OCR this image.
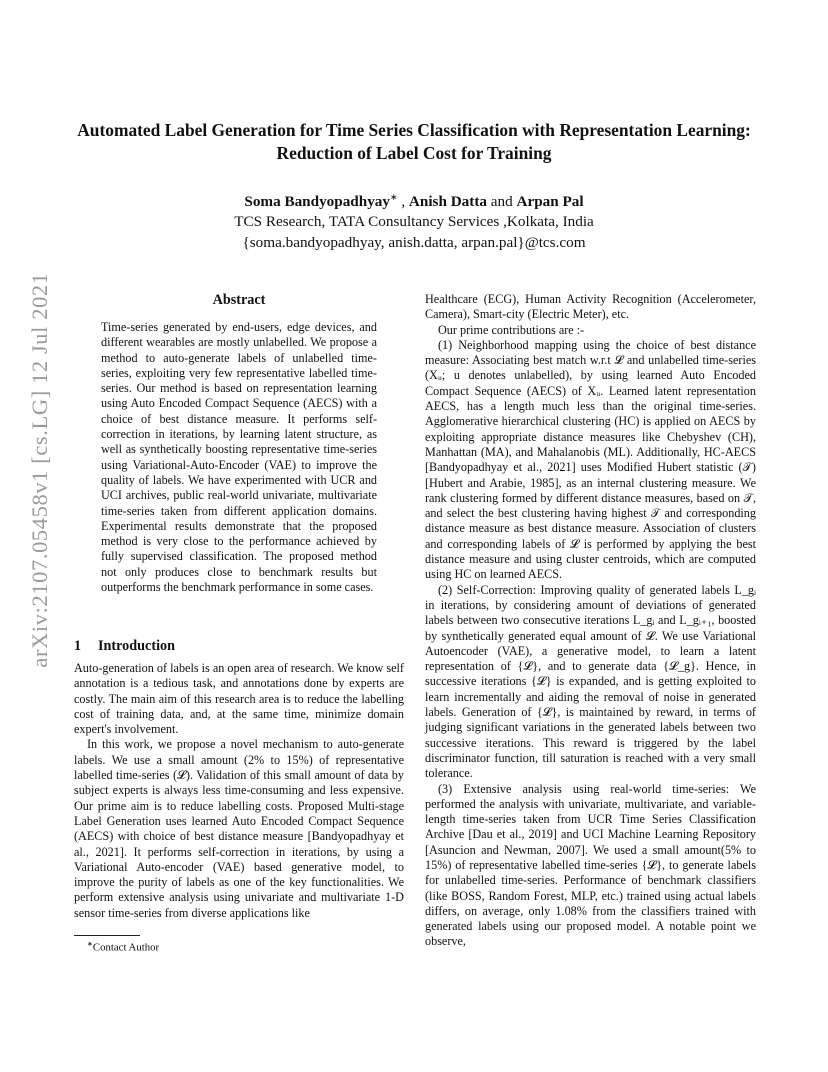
arXiv:2107.05458v1 [cs.LG] 12 Jul 2021
Automated Label Generation for Time Series Classification with Representation Learning: Reduction of Label Cost for Training
Soma Bandyopadhyay∗ , Anish Datta and Arpan Pal
TCS Research, TATA Consultancy Services ,Kolkata, India
{soma.bandyopadhyay, anish.datta, arpan.pal}@tcs.com
Abstract
Time-series generated by end-users, edge devices, and different wearables are mostly unlabelled. We propose a method to auto-generate labels of unlabelled time-series, exploiting very few representative labelled time-series. Our method is based on representation learning using Auto Encoded Compact Sequence (AECS) with a choice of best distance measure. It performs self-correction in iterations, by learning latent structure, as well as synthetically boosting representative time-series using Variational-Auto-Encoder (VAE) to improve the quality of labels. We have experimented with UCR and UCI archives, public real-world univariate, multivariate time-series taken from different application domains. Experimental results demonstrate that the proposed method is very close to the performance achieved by fully supervised classification. The proposed method not only produces close to benchmark results but outperforms the benchmark performance in some cases.
1 Introduction

Auto-generation of labels is an open area of research. We know self annotation is a tedious task, and annotations done by experts are costly. The main aim of this research area is to reduce the labelling cost of training data, and, at the same time, minimize domain expert's involvement.

In this work, we propose a novel mechanism to auto-generate labels. We use a small amount (2% to 15%) of representative labelled time-series (𝓛). Validation of this small amount of data by subject experts is always less time-consuming and less expensive. Our prime aim is to reduce labelling costs. Proposed Multi-stage Label Generation uses learned Auto Encoded Compact Sequence (AECS) with choice of best distance measure [Bandyopadhyay et al., 2021]. It performs self-correction in iterations, by using a Variational Auto-encoder (VAE) based generative model, to improve the purity of labels as one of the key functionalities. We perform extensive analysis using univariate and multivariate 1-D sensor time-series from diverse applications like

∗Contact Author

Healthcare (ECG), Human Activity Recognition (Accelerometer, Camera), Smart-city (Electric Meter), etc.

Our prime contributions are :-

(1) Neighborhood mapping using the choice of best distance measure: Associating best match w.r.t 𝓛 and unlabelled time-series (Xᵤ; u denotes unlabelled), by using learned Auto Encoded Compact Sequence (AECS) of Xᵤ. Learned latent representation AECS, has a length much less than the original time-series. Agglomerative hierarchical clustering (HC) is applied on AECS by exploiting appropriate distance measures like Chebyshev (CH), Manhattan (MA), and Mahalanobis (ML). Additionally, HC-AECS [Bandyopadhyay et al., 2021] uses Modified Hubert statistic (𝒯) [Hubert and Arabie, 1985], as an internal clustering measure. We rank clustering formed by different distance measures, based on 𝒯, and select the best clustering having highest 𝒯 and corresponding distance measure as best distance measure. Association of clusters and corresponding labels of 𝓛 is performed by applying the best distance measure and using cluster centroids, which are computed using HC on learned AECS.

(2) Self-Correction: Improving quality of generated labels L_gᵢ in iterations, by considering amount of deviations of generated labels between two consecutive iterations L_gᵢ and L_gᵢ₊₁, boosted by synthetically generated equal amount of 𝓛. We use Variational Autoencoder (VAE), a generative model, to learn a latent representation of {𝓛}, and to generate data {𝓛_g}. Hence, in successive iterations {𝓛} is expanded, and is getting exploited to learn incrementally and aiding the removal of noise in generated labels. Generation of {𝓛}, is maintained by reward, in terms of judging significant variations in the generated labels between two successive iterations. This reward is triggered by the label discriminator function, till saturation is reached with a very small tolerance.

(3) Extensive analysis using real-world time-series: We performed the analysis with univariate, multivariate, and variable-length time-series taken from UCR Time Series Classification Archive [Dau et al., 2019] and UCI Machine Learning Repository [Asuncion and Newman, 2007]. We used a small amount(5% to 15%) of representative labelled time-series {𝓛}, to generate labels for unlabelled time-series. Performance of benchmark classifiers (like BOSS, Random Forest, MLP, etc.) trained using actual labels differs, on average, only 1.08% from the classifiers trained with generated labels using our proposed model. A notable point we observe,
